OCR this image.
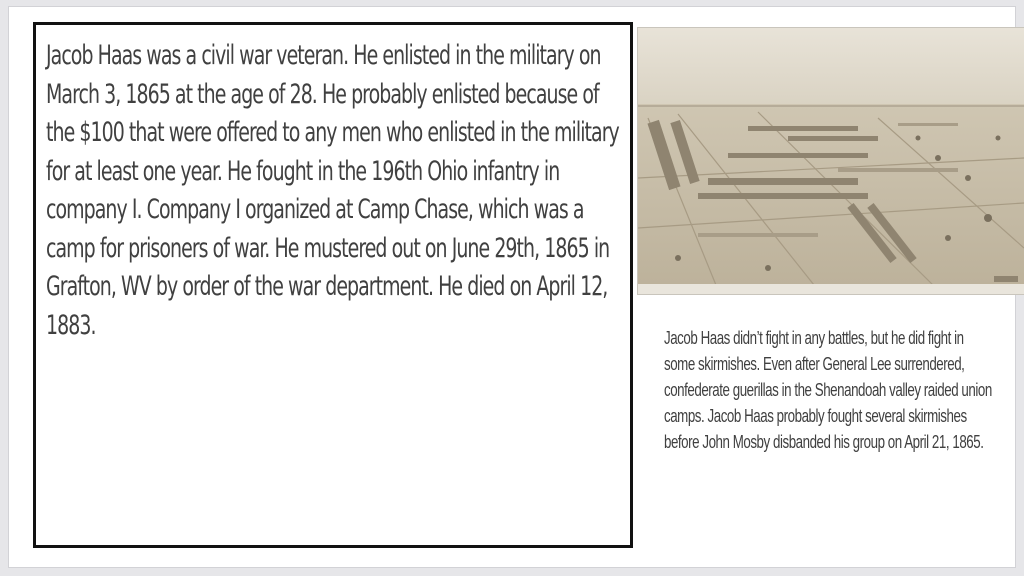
Jacob Haas was a civil war veteran. He enlisted in the military on March 3, 1865 at the age of 28. He probably enlisted because of the $100 that were offered to any men who enlisted in the military for at least one year. He fought in the 196th Ohio infantry in company I. Company I organized at Camp Chase, which was a camp for prisoners of war. He mustered out on June 29th, 1865 in Grafton, WV by order of the war department. He died on April 12, 1883.	Jacob Haas didn’t fight in any battles, but he did fight in some skirmishes. Even after General Lee surrendered, confederate guerillas in the Shenandoah valley raided union camps. Jacob Haas probably fought several skirmishes before John Mosby disbanded his group on April 21, 1865.
